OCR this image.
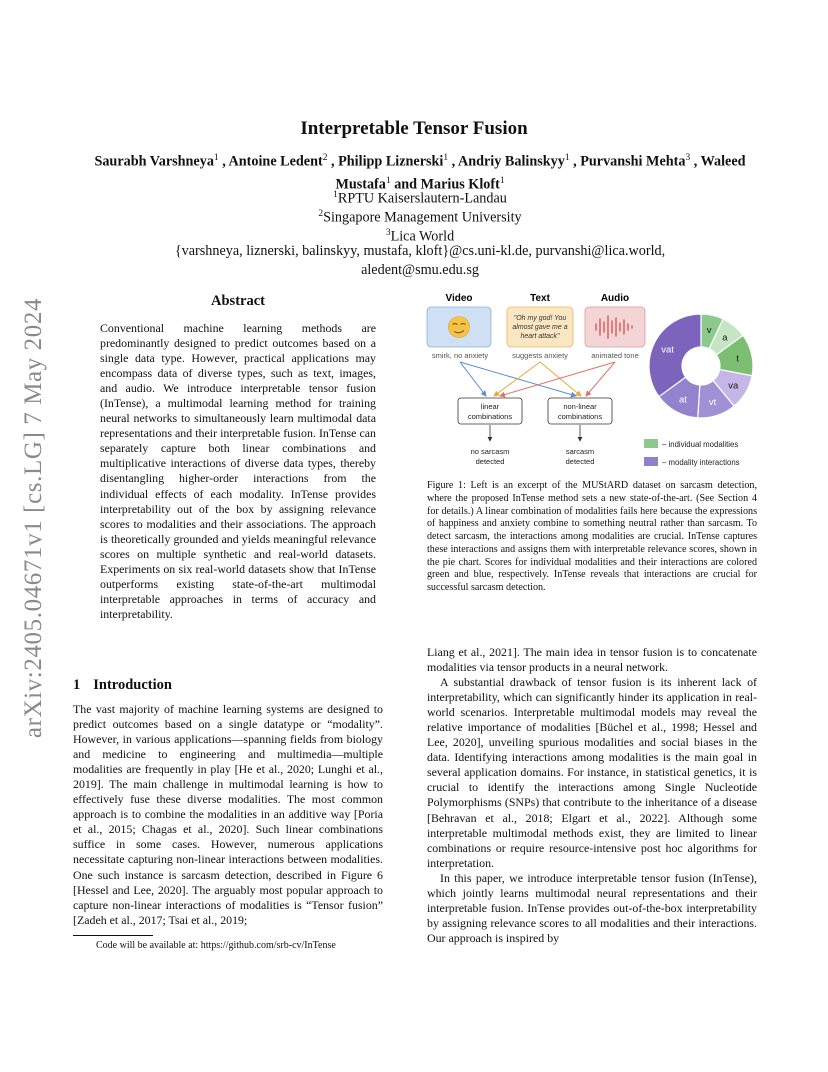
arXiv:2405.04671v1 [cs.LG] 7 May 2024
Interpretable Tensor Fusion
Saurabh Varshneya$^1$ , Antoine Ledent$^2$ , Philipp Liznerski$^1$ , Andriy Balinskyy$^1$ , Purvanshi Mehta$^3$ , Waleed Mustafa$^1$ and Marius Kloft$^1$
$^1$RPTU Kaiserslautern-Landau
$^2$Singapore Management University
$^3$Lica World
{varshneya, liznerski, balinskyy, mustafa, kloft}@cs.uni-kl.de, purvanshi@lica.world,
aledent@smu.edu.sg
Abstract
Conventional machine learning methods are predominantly designed to predict outcomes based on a single data type. However, practical applications may encompass data of diverse types, such as text, images, and audio. We introduce interpretable tensor fusion (InTense), a multimodal learning method for training neural networks to simultaneously learn multimodal data representations and their interpretable fusion. InTense can separately capture both linear combinations and multiplicative interactions of diverse data types, thereby disentangling higher-order interactions from the individual effects of each modality. InTense provides interpretability out of the box by assigning relevance scores to modalities and their associations. The approach is theoretically grounded and yields meaningful relevance scores on multiple synthetic and real-world datasets. Experiments on six real-world datasets show that InTense outperforms existing state-of-the-art multimodal interpretable approaches in terms of accuracy and interpretability.
1 Introduction
The vast majority of machine learning systems are designed to predict outcomes based on a single datatype or “modality”. However, in various applications—spanning fields from biology and medicine to engineering and multimedia—multiple modalities are frequently in play [He et al., 2020; Lunghi et al., 2019]. The main challenge in multimodal learning is how to effectively fuse these diverse modalities. The most common approach is to combine the modalities in an additive way [Poria et al., 2015; Chagas et al., 2020]. Such linear combinations suffice in some cases. However, numerous applications necessitate capturing non-linear interactions between modalities. One such instance is sarcasm detection, described in Figure 6 [Hessel and Lee, 2020]. The arguably most popular approach to capture non-linear interactions of modalities is “Tensor fusion” [Zadeh et al., 2017; Tsai et al., 2019;
Code will be available at: https://github.com/srb-cv/InTense
Video	Text	Audio
"Oh my god! You
almost gave me a
heart attack"
smirk, no anxiety	suggests anxiety	animated tone
linear
combinations
non-linear
combinations
no sarcasm
detected
sarcasm
detected
v
a
t
va
vt
at
vat
– individual modalities
– modality interactions
Figure 1: Left is an excerpt of the MUStARD dataset on sarcasm detection, where the proposed InTense method sets a new state-of-the-art. (See Section 4 for details.) A linear combination of modalities fails here because the expressions of happiness and anxiety combine to something neutral rather than sarcasm. To detect sarcasm, the interactions among modalities are crucial. InTense captures these interactions and assigns them with interpretable relevance scores, shown in the pie chart. Scores for individual modalities and their interactions are colored green and blue, respectively. InTense reveals that interactions are crucial for successful sarcasm detection.

Liang et al., 2021]. The main idea in tensor fusion is to concatenate modalities via tensor products in a neural network.

A substantial drawback of tensor fusion is its inherent lack of interpretability, which can significantly hinder its application in real-world scenarios. Interpretable multimodal models may reveal the relative importance of modalities [Büchel et al., 1998; Hessel and Lee, 2020], unveiling spurious modalities and social biases in the data. Identifying interactions among modalities is the main goal in several application domains. For instance, in statistical genetics, it is crucial to identify the interactions among Single Nucleotide Polymorphisms (SNPs) that contribute to the inheritance of a disease [Behravan et al., 2018; Elgart et al., 2022]. Although some interpretable multimodal methods exist, they are limited to linear combinations or require resource-intensive post hoc algorithms for interpretation.

In this paper, we introduce interpretable tensor fusion (InTense), which jointly learns multimodal neural representations and their interpretable fusion. InTense provides out-of-the-box interpretability by assigning relevance scores to all modalities and their interactions. Our approach is inspired by
